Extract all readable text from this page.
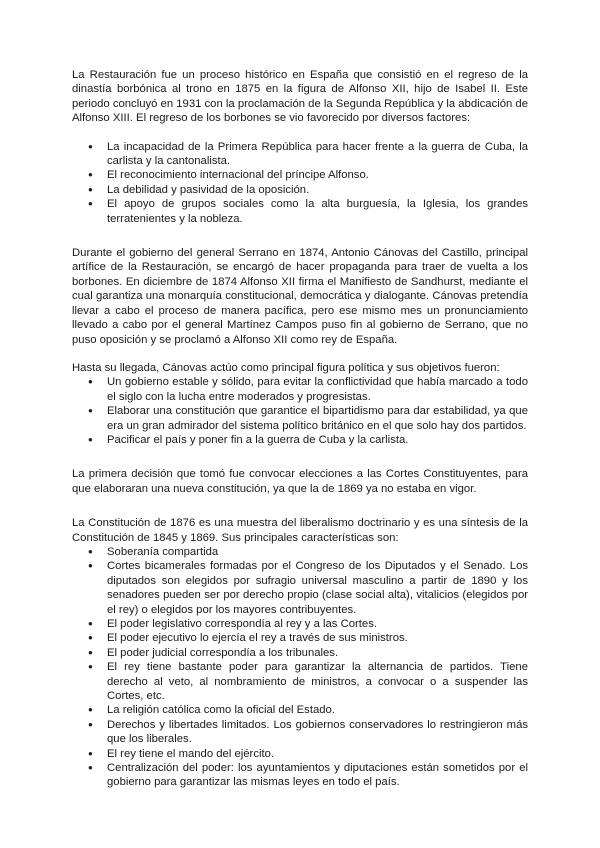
La Restauración fue un proceso histórico en España que consistió en el regreso de la dinastía borbónica al trono en 1875 en la figura de Alfonso XII, hijo de Isabel II. Este periodo concluyó en 1931 con la proclamación de la Segunda República y la abdicación de Alfonso XIII. El regreso de los borbones se vio favorecido por diversos factores:

● La incapacidad de la Primera República para hacer frente a la guerra de Cuba, la carlista y la cantonalista.
● El reconocimiento internacional del príncipe Alfonso.
● La debilidad y pasividad de la oposición.
● El apoyo de grupos sociales como la alta burguesía, la Iglesia, los grandes terratenientes y la nobleza.

Durante el gobierno del general Serrano en 1874, Antonio Cánovas del Castillo, principal artífice de la Restauración, se encargó de hacer propaganda para traer de vuelta a los borbones. En diciembre de 1874 Alfonso XII firma el Manifiesto de Sandhurst, mediante el cual garantiza una monarquía constitucional, democrática y dialogante. Cánovas pretendía llevar a cabo el proceso de manera pacífica, pero ese mismo mes un pronunciamiento llevado a cabo por el general Martínez Campos puso fin al gobierno de Serrano, que no puso oposición y se proclamó a Alfonso XII como rey de España.

Hasta su llegada, Cánovas actúo como principal figura política y sus objetivos fueron:

● Un gobierno estable y sólido, para evitar la conflictividad que había marcado a todo el siglo con la lucha entre moderados y progresistas.
● Elaborar una constitución que garantice el bipartidismo para dar estabilidad, ya que era un gran admirador del sistema político británico en el que solo hay dos partidos.
● Pacificar el país y poner fin a la guerra de Cuba y la carlista.

La primera decisión que tomó fue convocar elecciones a las Cortes Constituyentes, para que elaboraran una nueva constitución, ya que la de 1869 ya no estaba en vigor.

La Constitución de 1876 es una muestra del liberalismo doctrinario y es una síntesis de la Constitución de 1845 y 1869. Sus principales características son:

● Soberanía compartida
● Cortes bicamerales formadas por el Congreso de los Diputados y el Senado. Los diputados son elegidos por sufragio universal masculino a partir de 1890 y los senadores pueden ser por derecho propio (clase social alta), vitalicios (elegidos por el rey) o elegidos por los mayores contribuyentes.
● El poder legislativo correspondía al rey y a las Cortes.
● El poder ejecutivo lo ejercía el rey a través de sus ministros.
● El poder judicial correspondía a los tribunales.
● El rey tiene bastante poder para garantizar la alternancia de partidos. Tiene derecho al veto, al nombramiento de ministros, a convocar o a suspender las Cortes, etc.
● La religión católica como la oficial del Estado.
● Derechos y libertades limitados. Los gobiernos conservadores lo restringieron más que los liberales.
● El rey tiene el mando del ejército.
● Centralización del poder: los ayuntamientos y diputaciones están sometidos por el gobierno para garantizar las mismas leyes en todo el país.
